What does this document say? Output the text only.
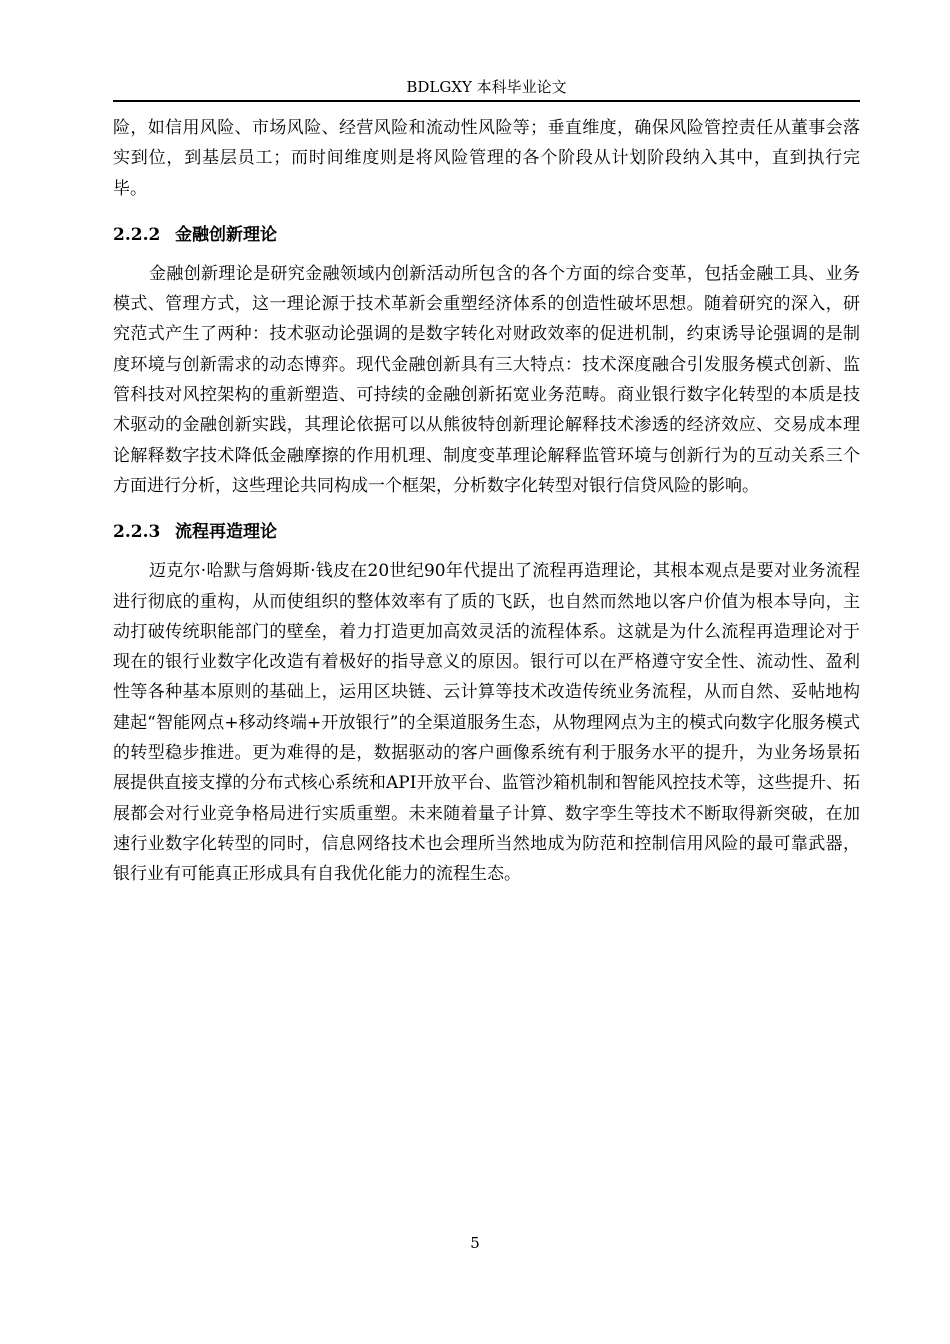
BDLGXY 本科毕业论文

险，如信用风险、市场风险、经营风险和流动性风险等；垂直维度，确保风险管控责任从董事会落实到位，到基层员工；而时间维度则是将风险管理的各个阶段从计划阶段纳入其中，直到执行完毕。

2.2.2 金融创新理论

金融创新理论是研究金融领域内创新活动所包含的各个方面的综合变革，包括金融工具、业务模式、管理方式，这一理论源于技术革新会重塑经济体系的创造性破坏思想。随着研究的深入，研究范式产生了两种：技术驱动论强调的是数字转化对财政效率的促进机制，约束诱导论强调的是制度环境与创新需求的动态博弈。现代金融创新具有三大特点：技术深度融合引发服务模式创新、监管科技对风控架构的重新塑造、可持续的金融创新拓宽业务范畴。商业银行数字化转型的本质是技术驱动的金融创新实践，其理论依据可以从熊彼特创新理论解释技术渗透的经济效应、交易成本理论解释数字技术降低金融摩擦的作用机理、制度变革理论解释监管环境与创新行为的互动关系三个方面进行分析，这些理论共同构成一个框架，分析数字化转型对银行信贷风险的影响。

2.2.3 流程再造理论

迈克尔·哈默与詹姆斯·钱皮在20世纪90年代提出了流程再造理论，其根本观点是要对业务流程进行彻底的重构，从而使组织的整体效率有了质的飞跃，也自然而然地以客户价值为根本导向，主动打破传统职能部门的壁垒，着力打造更加高效灵活的流程体系。这就是为什么流程再造理论对于现在的银行业数字化改造有着极好的指导意义的原因。银行可以在严格遵守安全性、流动性、盈利性等各种基本原则的基础上，运用区块链、云计算等技术改造传统业务流程，从而自然、妥帖地构建起“智能网点+移动终端+开放银行”的全渠道服务生态，从物理网点为主的模式向数字化服务模式的转型稳步推进。更为难得的是，数据驱动的客户画像系统有利于服务水平的提升，为业务场景拓展提供直接支撑的分布式核心系统和API开放平台、监管沙箱机制和智能风控技术等，这些提升、拓展都会对行业竞争格局进行实质重塑。未来随着量子计算、数字孪生等技术不断取得新突破，在加速行业数字化转型的同时，信息网络技术也会理所当然地成为防范和控制信用风险的最可靠武器，银行业有可能真正形成具有自我优化能力的流程生态。

5
